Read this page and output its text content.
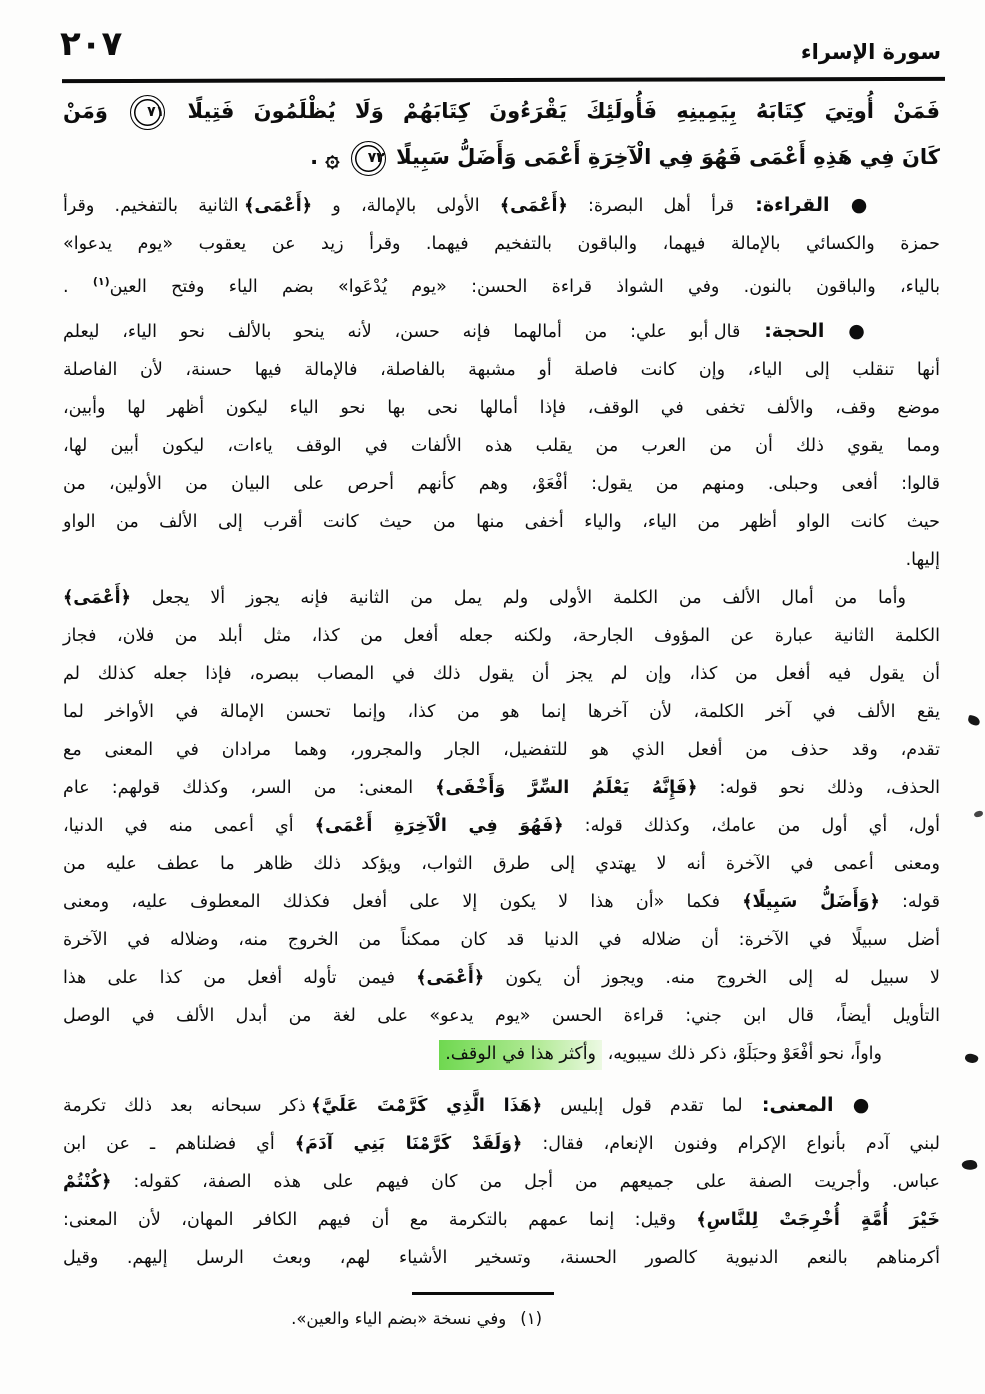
٢٠٧	سورة الإسراء
فَمَنْ أُوتِيَ كِتَابَهُ بِيَمِينِهِ فَأُولَئِكَ يَقْرَءُونَ كِتَابَهُمْ وَلَا يُظْلَمُونَ فَتِيلًا ٧١ وَمَنْ
كَانَ فِي هَذِهِ أَعْمَى فَهُوَ فِي الْآخِرَةِ أَعْمَى وَأَضَلُّ سَبِيلًا ٧٢ ۞ .
● القراءة: قرأ أهل البصرة: ﴿أَعْمَى﴾ الأولى بالإمالة، و ﴿أَعْمَى﴾ الثانية بالتفخيم. وقرأ
حمزة والكسائي بالإمالة فيهما، والباقون بالتفخيم فيهما. وقرأ زيد عن يعقوب «يوم يدعوا»
بالياء، والباقون بالنون. وفي الشواذ قراءة الحسن: «يوم يُدْعَوا» بضم الياء وفتح العين$^{(١)}$ .
● الحجة: قال أبو علي: من أمالهما فإنه حسن، لأنه ينحو بالألف نحو الياء، ليعلم
أنها تنقلب إلى الياء، وإن كانت فاصلة أو مشبهة بالفاصلة، فالإمالة فيها حسنة، لأن الفاصلة
موضع وقف، والألف تخفى في الوقف، فإذا أمالها نحى بها نحو الياء ليكون أظهر لها وأبين،
ومما يقوي ذلك أن من العرب من يقلب هذه الألفات في الوقف ياءات، ليكون أبين لها،
قالوا: أفعى وحبلى. ومنهم من يقول: أفْعَوْ، وهم كأنهم أحرص على البيان من الأولين، من
حيث كانت الواو أظهر من الياء، والياء أخفى منها من حيث كانت أقرب إلى الألف من الواو
إليها.
وأما من أمال الألف من الكلمة الأولى ولم يمل من الثانية فإنه يجوز ألا يجعل ﴿أَعْمَى﴾
الكلمة الثانية عبارة عن المؤوف الجارحة، ولكنه جعله أفعل من كذا، مثل أبلد من فلان، فجاز
أن يقول فيه أفعل من كذا، وإن لم يجز أن يقول ذلك في المصاب ببصره، فإذا جعله كذلك لم
يقع الألف في آخر الكلمة، لأن آخرها إنما هو من كذا، وإنما تحسن الإمالة في الأواخر لما
تقدم، وقد حذف من أفعل الذي هو للتفضيل، الجار والمجرور، وهما مرادان في المعنى مع
الحذف، وذلك نحو قوله: ﴿فَإِنَّهُ يَعْلَمُ السِّرَّ وَأَخْفَى﴾ المعنى: من السر، وكذلك قولهم: عام
أول، أي أول من عامك، وكذلك قوله: ﴿فَهُوَ فِي الْآخِرَةِ أَعْمَى﴾ أي أعمى منه في الدنيا،
ومعنى أعمى في الآخرة أنه لا يهتدي إلى طرق الثواب، ويؤكد ذلك ظاهر ما عطف عليه من
قوله: ﴿وَأَضَلُّ سَبِيلًا﴾ فكما «أن هذا لا يكون إلا على أفعل فكذلك المعطوف عليه، ومعنى
أضل سبيلًا في الآخرة: أن ضلاله في الدنيا قد كان ممكناً من الخروج منه، وضلاله في الآخرة
لا سبيل له إلى الخروج منه. ويجوز أن يكون ﴿أَعْمَى﴾ فيمن تأوله أفعل من كذا على هذا
التأويل أيضاً، قال ابن جني: قراءة الحسن «يوم يدعو» على لغة من أبدل الألف في الوصل
واواً، نحو أفْعَوْ وحبَلَوْ، ذكر ذلك سيبويه، وأكثر هذا في الوقف.
● المعنى: لما تقدم قول إبليس ﴿هَذَا الَّذِي كَرَّمْتَ عَلَيَّ﴾ ذكر سبحانه بعد ذلك تكرمة
لبني آدم بأنواع الإكرام وفنون الإنعام، فقال: ﴿وَلَقَدْ كَرَّمْنَا بَنِي آدَمَ﴾ أي فضلناهم ـ عن ابن
عباس. وأجريت الصفة على جميعهم من أجل من كان فيهم على هذه الصفة، كقوله: ﴿كُنْتُمْ
خَيْرَ أُمَّةٍ أُخْرِجَتْ لِلنَّاسِ﴾ وقيل: إنما عمهم بالتكرمة مع أن فيهم الكافر المهان، لأن المعنى:
أكرمناهم بالنعم الدنيوية كالصور الحسنة، وتسخير الأشياء لهم، وبعث الرسل إليهم. وقيل
(١)وفي نسخة «بضم الياء والعين».
